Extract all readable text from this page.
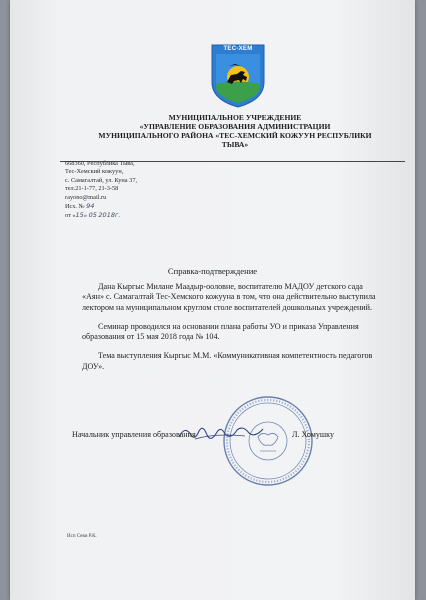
ТЕС-ХЕМ
МУНИЦИПАЛЬНОЕ УЧРЕЖДЕНИЕ
«УПРАВЛЕНИЕ ОБРАЗОВАНИЯ АДМИНИСТРАЦИИ
МУНИЦИПАЛЬНОГО РАЙОНА «ТЕС-ХЕМСКИЙ КОЖУУН РЕСПУБЛИКИ
ТЫВА»
668360, Республика Тыва,
Тес-Хемский кожуун,
с. Самагалтай, ул. Куна 37,
тел.21-1-77, 21-3-58
rayono@mail.ru
Исх. № 94
от «15» 05 2018г.
Справка-подтверждение

Дана Кыргыс Милане Маадыр-ооловне, воспитателю МАДОУ детского сада «Аян» с. Самагалтай Тес-Хемского кожууна в том, что она действительно выступила лектором на муниципальном круглом столе воспитателей дошкольных учреждений.

Семинар проводился на основании плана работы УО и приказа Управления образования от 15 мая 2018 года № 104.

Тема выступления Кыргыс М.М. «Коммуникативная компетентность педагогов ДОУ».

Начальник управления образования	Л. Хомушку
Исп Севи Р.К.
